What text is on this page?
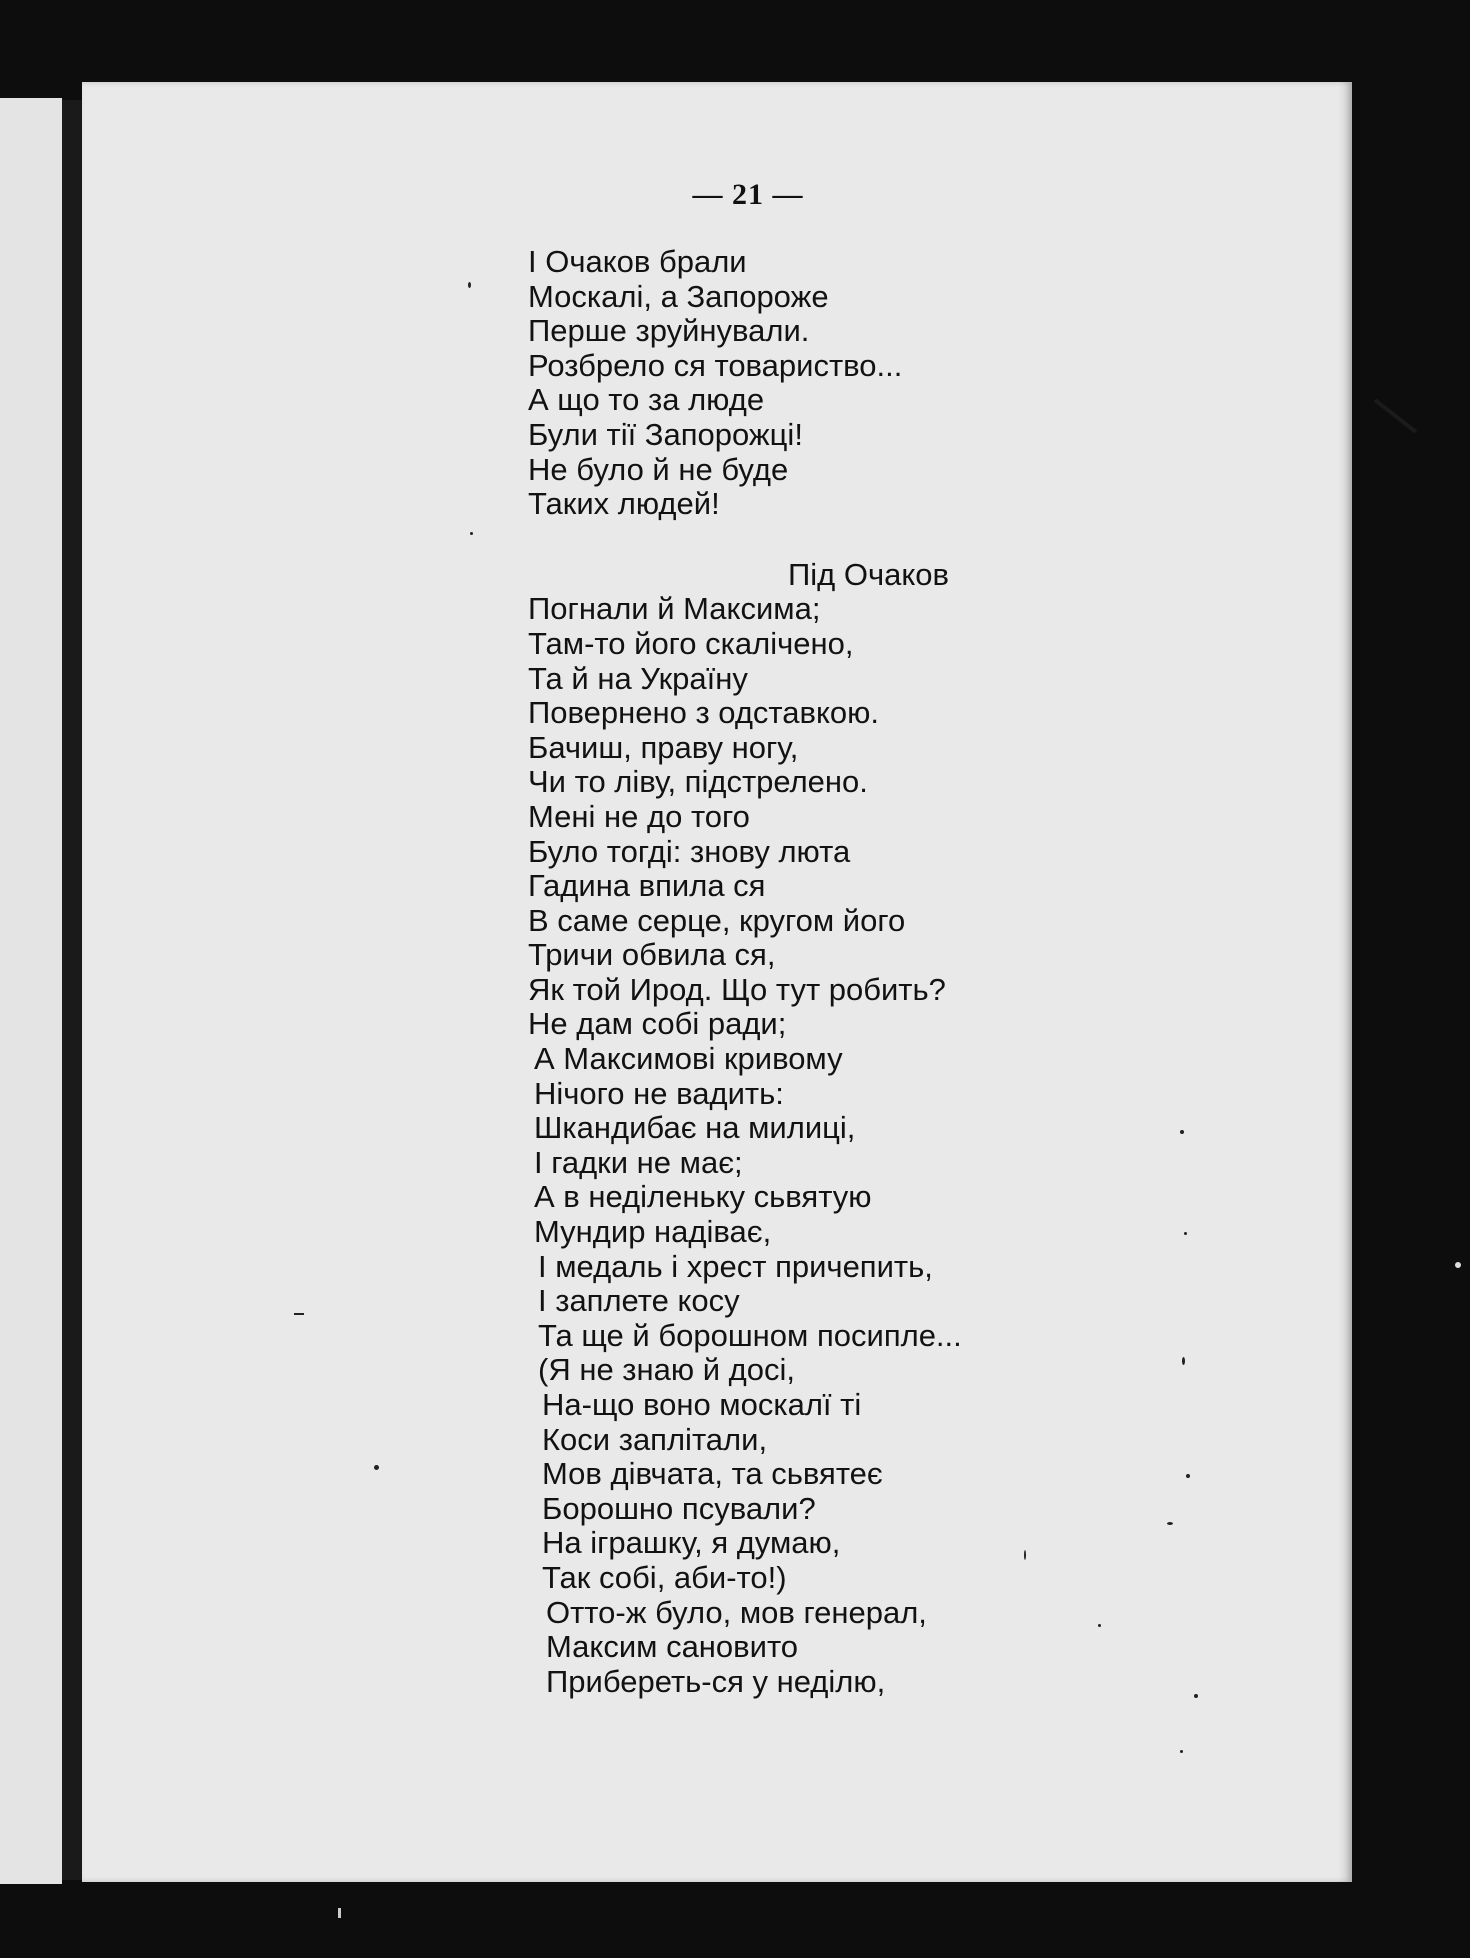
— 21 —
I Очаков брали
Москалі, а Запороже
Перше зруйнували.
Розбрело ся товариство...
А що то за люде
Були тії Запорожці!
Не було й не буде
Таких людей!
Під Очаков
Погнали й Максима;
Там-то його скалічено,
Та й на Україну
Повернено з одставкою.
Бачиш, праву ногу,
Чи то ліву, підстрелено.
Мені не до того
Було тогді: знову люта
Гадина впила ся
В саме серце, кругом його
Тричи обвила ся,
Як той Ирод. Що тут робить?
Не дам собі ради;
А Максимові кривому
Нічого не вадить:
Шкандибає на милиці,
І гадки не має;
А в неділеньку сьвятую
Мундир надіває,
І медаль і хрест причепить,
І заплете косу
Та ще й борошном посипле...
(Я не знаю й досі,
На-що воно москалї ті
Коси заплітали,
Мов дівчата, та сьвятеє
Борошно псували?
На іграшку, я думаю,
Так собі, аби-то!)
Отто-ж було, мов генерал,
Максим сановито
Прибереть-ся у неділю,
